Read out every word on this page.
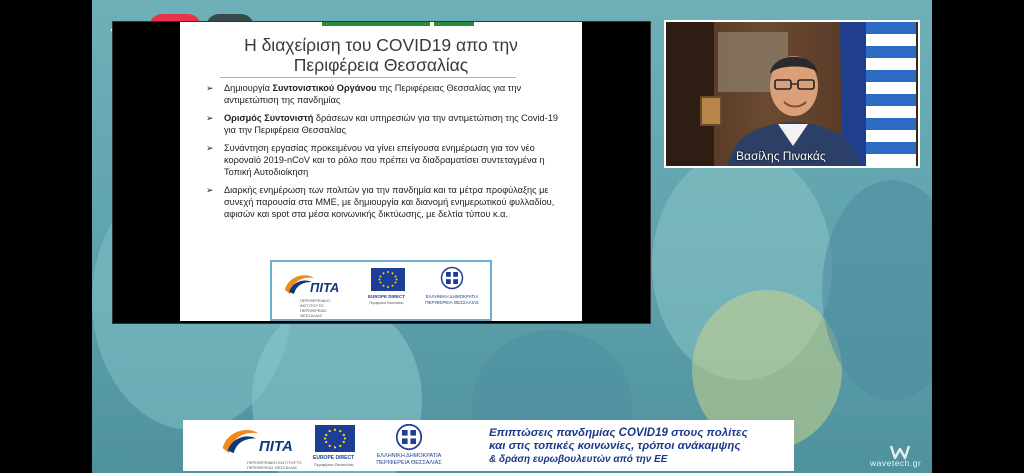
Η διαχείριση του COVID19 απο την
Περιφέρεια Θεσσαλίας
➢ Δημιουργία Συντονιστικού Οργάνου της Περιφέρειας Θεσσαλίας για την αντιμετώπιση της πανδημίας
➢ Ορισμός Συντονιστή δράσεων και υπηρεσιών για την αντιμετώπιση της Covid-19 για την Περιφέρεια Θεσσαλίας
➢ Συνάντηση εργασίας προκειμένου να γίνει επείγουσα ενημέρωση για τον νέο κοροναϊό 2019-nCoV και το ρόλο που πρέπει να διαδραματίσει συντεταγμένα η Τοπική Αυτοδιοίκηση
➢ Διαρκής ενημέρωση των πολιτών για την πανδημία και τα μέτρα προφύλαξης με συνεχή παρουσία στα ΜΜΕ, με δημιουργία και διανομή ενημερωτικού φυλλαδίου, αφισών και spot στα μέσα κοινωνικής δικτύωσης, με δελτία τύπου κ.α.
ΠΙΤΑ
ΠΕΡΙΦΕΡΕΙΑΚΟ ΙΝΣΤΙΤΟΥΤΟ ΠΕΡΙΦΕΡΕΙΑΣ ΘΕΣΣΑΛΙΑΣ
EUROPE DIRECT
Περιφέρεια Θεσσαλίας
ΕΛΛΗΝΙΚΗ ΔΗΜΟΚΡΑΤΙΑ
ΠΕΡΙΦΕΡΕΙΑ ΘΕΣΣΑΛΙΑΣ
Βασίλης Πινακάς
ΠΙΤΑ
ΠΕΡΙΦΕΡΕΙΑΚΟ ΙΝΣΤΙΤΟΥΤΟ ΠΕΡΙΦΕΡΕΙΑΣ ΘΕΣΣΑΛΙΑΣ
EUROPE DIRECT
Περιφέρεια Θεσσαλίας
ΕΛΛΗΝΙΚΗ ΔΗΜΟΚΡΑΤΙΑ
ΠΕΡΙΦΕΡΕΙΑ ΘΕΣΣΑΛΙΑΣ
Επιπτώσεις πανδημίας COVID19 στους πολίτες
και στις τοπικές κοινωνίες, τρόποι ανάκαμψης
& δράση ευρωβουλευτών από την ΕΕ	wavetech.gr
